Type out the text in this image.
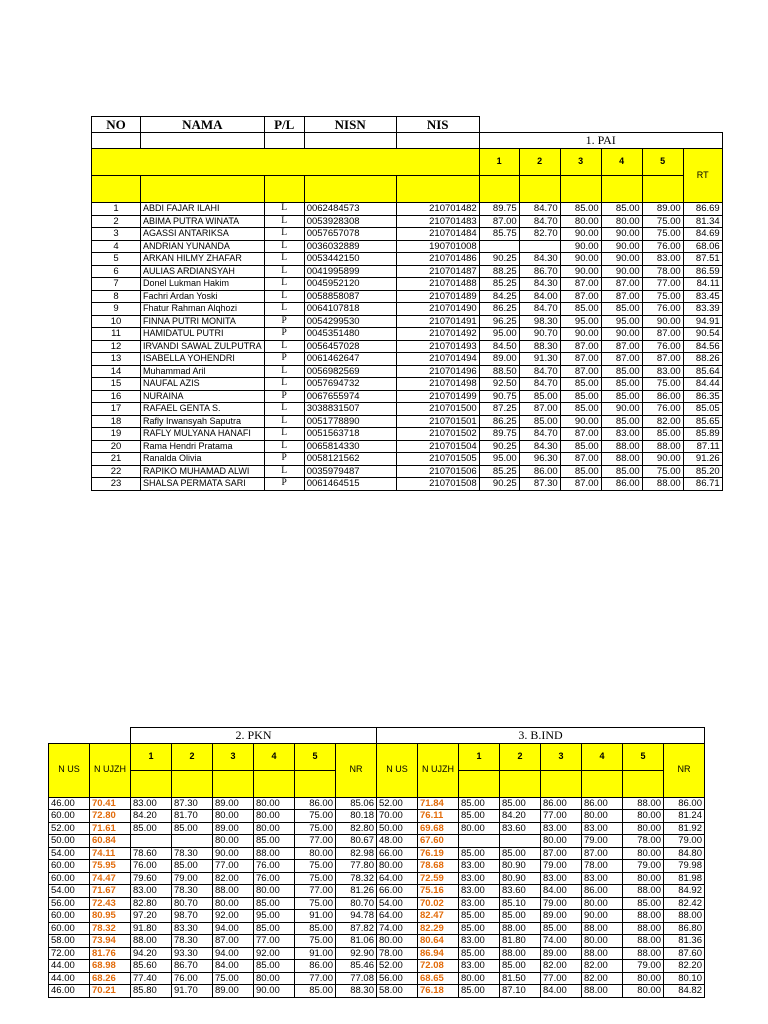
NO	NAMA	P/L	NISN	NIS						
					1. PAI					
					1	2	3	4	5	RT

1	ABDI FAJAR ILAHI	L	0062484573	210701482	89.75	84.70	85.00	85.00	89.00	86.69
2	ABIMA PUTRA WINATA	L	0053928308	210701483	87.00	84.70	80.00	80.00	75.00	81.34
3	AGASSI ANTARIKSA	L	0057657078	210701484	85.75	82.70	90.00	90.00	75.00	84.69
4	ANDRIAN YUNANDA	L	0036032889	190701008			90.00	90.00	76.00	68.06
5	ARKAN HILMY ZHAFAR	L	0053442150	210701486	90.25	84.30	90.00	90.00	83.00	87.51
6	AULIAS ARDIANSYAH	L	0041995899	210701487	88.25	86.70	90.00	90.00	78.00	86.59
7	Donel Lukman Hakim	L	0045952120	210701488	85.25	84.30	87.00	87.00	77.00	84.11
8	Fachri Ardan Yoski	L	0058858087	210701489	84.25	84.00	87.00	87.00	75.00	83.45
9	Fhatur Rahman Alqhozi	L	0064107818	210701490	86.25	84.70	85.00	85.00	76.00	83.39
10	FINNA PUTRI MONITA	P	0054299530	210701491	96.25	98.30	95.00	95.00	90.00	94.91
11	HAMIDATUL PUTRI	P	0045351480	210701492	95.00	90.70	90.00	90.00	87.00	90.54
12	IRVANDI SAWAL ZULPUTRA	L	0056457028	210701493	84.50	88.30	87.00	87.00	76.00	84.56
13	ISABELLA YOHENDRI	P	0061462647	210701494	89.00	91.30	87.00	87.00	87.00	88.26
14	Muhammad Aril	L	0056982569	210701496	88.50	84.70	87.00	85.00	83.00	85.64
15	NAUFAL AZIS	L	0057694732	210701498	92.50	84.70	85.00	85.00	75.00	84.44
16	NURAINA	P	0067655974	210701499	90.75	85.00	85.00	85.00	86.00	86.35
17	RAFAEL GENTA S.	L	3038831507	210701500	87.25	87.00	85.00	90.00	76.00	85.05
18	Rafly Irwansyah Saputra	L	0051778890	210701501	86.25	85.00	90.00	85.00	82.00	85.65
19	RAFLY MULYANA HANAFI	L	0051563718	210701502	89.75	84.70	87.00	83.00	85.00	85.89
20	Rama Hendri Pratama	L	0065814330	210701504	90.25	84.30	85.00	88.00	88.00	87.11
21	Ranalda Olivia	P	0058121562	210701505	95.00	96.30	87.00	88.00	90.00	91.26
22	RAPIKO MUHAMAD ALWI	L	0035979487	210701506	85.25	86.00	85.00	85.00	75.00	85.20
23	SHALSA PERMATA SARI	P	0061464515	210701508	90.25	87.30	87.00	86.00	88.00	86.71
		2. PKN						3. B.IND							
N US	N UJZH	1	2	3	4	5	NR	N US	N UJZH	1	2	3	4	5	NR

46.00	70.41	83.00	87.30	89.00	80.00	86.00	85.06	52.00	71.84	85.00	85.00	86.00	86.00	88.00	86.00
60.00	72.80	84.20	81.70	80.00	80.00	75.00	80.18	70.00	76.11	85.00	84.20	77.00	80.00	80.00	81.24
52.00	71.61	85.00	85.00	89.00	80.00	75.00	82.80	50.00	69.68	80.00	83.60	83.00	83.00	80.00	81.92
50.00	60.84			80.00	85.00	77.00	80.67	48.00	67.60			80.00	79.00	78.00	79.00
54.00	74.11	78.60	78.30	90.00	88.00	80.00	82.98	66.00	76.19	85.00	85.00	87.00	87.00	80.00	84.80
60.00	75.95	76.00	85.00	77.00	76.00	75.00	77.80	80.00	78.68	83.00	80.90	79.00	78.00	79.00	79.98
60.00	74.47	79.60	79.00	82.00	76.00	75.00	78.32	64.00	72.59	83.00	80.90	83.00	83.00	80.00	81.98
54.00	71.67	83.00	78.30	88.00	80.00	77.00	81.26	66.00	75.16	83.00	83.60	84.00	86.00	88.00	84.92
56.00	72.43	82.80	80.70	80.00	85.00	75.00	80.70	54.00	70.02	83.00	85.10	79.00	80.00	85.00	82.42
60.00	80.95	97.20	98.70	92.00	95.00	91.00	94.78	64.00	82.47	85.00	85.00	89.00	90.00	88.00	88.00
60.00	78.32	91.80	83.30	94.00	85.00	85.00	87.82	74.00	82.29	85.00	88.00	85.00	88.00	88.00	86.80
58.00	73.94	88.00	78.30	87.00	77.00	75.00	81.06	80.00	80.64	83.00	81.80	74.00	80.00	88.00	81.36
72.00	81.76	94.20	93.30	94.00	92.00	91.00	92.90	78.00	86.94	85.00	88.00	89.00	88.00	88.00	87.60
44.00	68.98	85.60	86.70	84.00	85.00	86.00	85.46	52.00	72.08	83.00	85.00	82.00	82.00	79.00	82.20
44.00	68.26	77.40	76.00	75.00	80.00	77.00	77.08	56.00	68.65	80.00	81.50	77.00	82.00	80.00	80.10
46.00	70.21	85.80	91.70	89.00	90.00	85.00	88.30	58.00	76.18	85.00	87.10	84.00	88.00	80.00	84.82
